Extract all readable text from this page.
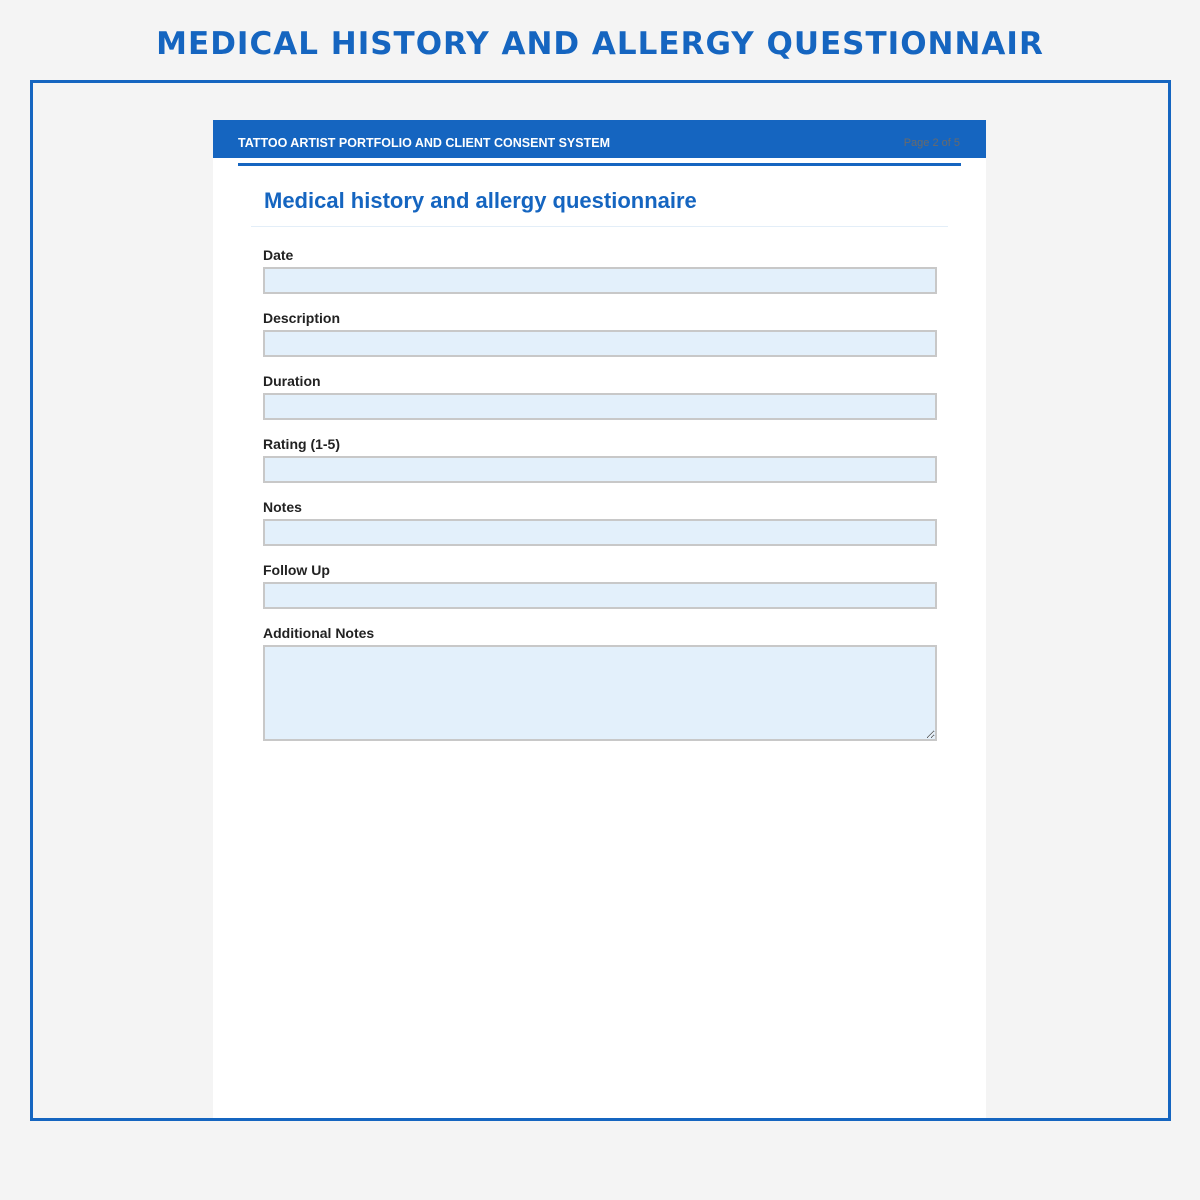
MEDICAL HISTORY AND ALLERGY QUESTIONNAIR
TATTOO ARTIST PORTFOLIO AND CLIENT CONSENT SYSTEM	Page 2 of 5
Medical history and allergy questionnaire
Date
Description
Duration
Rating (1-5)
Notes
Follow Up
Additional Notes
